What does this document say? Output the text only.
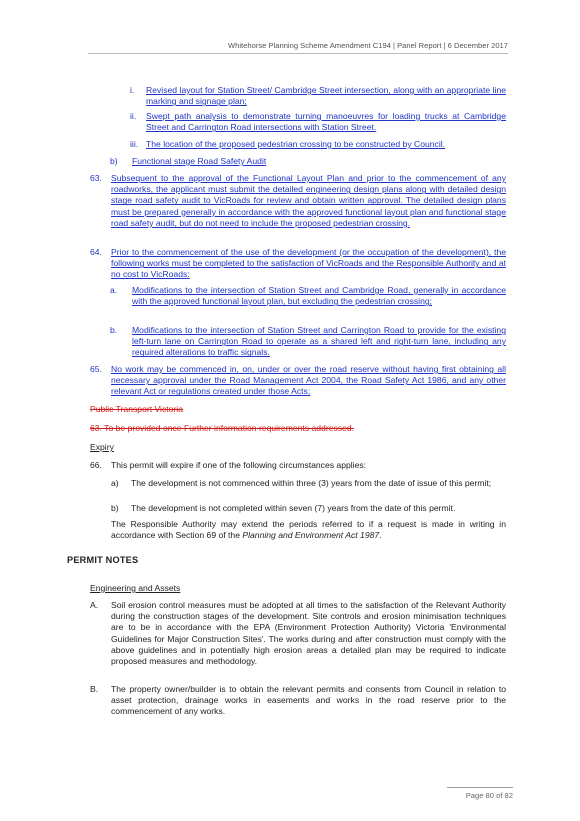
Whitehorse Planning Scheme Amendment C194 | Panel Report | 6 December 2017
i.	Revised layout for Station Street/ Cambridge Street intersection, along with an appropriate line marking and signage plan;
ii.	Swept path analysis to demonstrate turning manoeuvres for loading trucks at Cambridge Street and Carrington Road intersections with Station Street.
iii. The location of the proposed pedestrian crossing to be constructed by Council.
b)	Functional stage Road Safety Audit
63.	Subsequent to the approval of the Functional Layout Plan and prior to the commencement of any roadworks, the applicant must submit the detailed engineering design plans along with detailed design stage road safety audit to VicRoads for review and obtain written approval. The detailed design plans must be prepared generally in accordance with the approved functional layout plan and functional stage road safety audit, but do not need to include the proposed pedestrian crossing.
64.	Prior to the commencement of the use of the development (or the occupation of the development), the following works must be completed to the satisfaction of VicRoads and the Responsible Authority and at no cost to VicRoads:
a.	Modifications to the intersection of Station Street and Cambridge Road, generally in accordance with the approved functional layout plan, but excluding the pedestrian crossing;
b.	Modifications to the intersection of Station Street and Carrington Road to provide for the existing left-turn lane on Carrington Road to operate as a shared left and right-turn lane, including any required alterations to traffic signals.
65.	No work may be commenced in, on, under or over the road reserve without having first obtaining all necessary approval under the Road Management Act 2004, the Road Safety Act 1986, and any other relevant Act or regulations created under those Acts;
Public Transport Victoria
63. To be provided once Further information requirements addressed.
Expiry
66.	This permit will expire if one of the following circumstances applies:
a)	The development is not commenced within three (3) years from the date of issue of this permit;
b)	The development is not completed within seven (7) years from the date of this permit.
The Responsible Authority may extend the periods referred to if a request is made in writing in accordance with Section 69 of the Planning and Environment Act 1987.
PERMIT NOTES
Engineering and Assets
A.	Soil erosion control measures must be adopted at all times to the satisfaction of the Relevant Authority during the construction stages of the development. Site controls and erosion minimisation techniques are to be in accordance with the EPA (Environment Protection Authority) Victoria 'Environmental Guidelines for Major Construction Sites'. The works during and after construction must comply with the above guidelines and in potentially high erosion areas a detailed plan may be required to indicate proposed measures and methodology.
B.	The property owner/builder is to obtain the relevant permits and consents from Council in relation to asset protection, drainage works in easements and works in the road reserve prior to the commencement of any works.
Page 80 of 82
